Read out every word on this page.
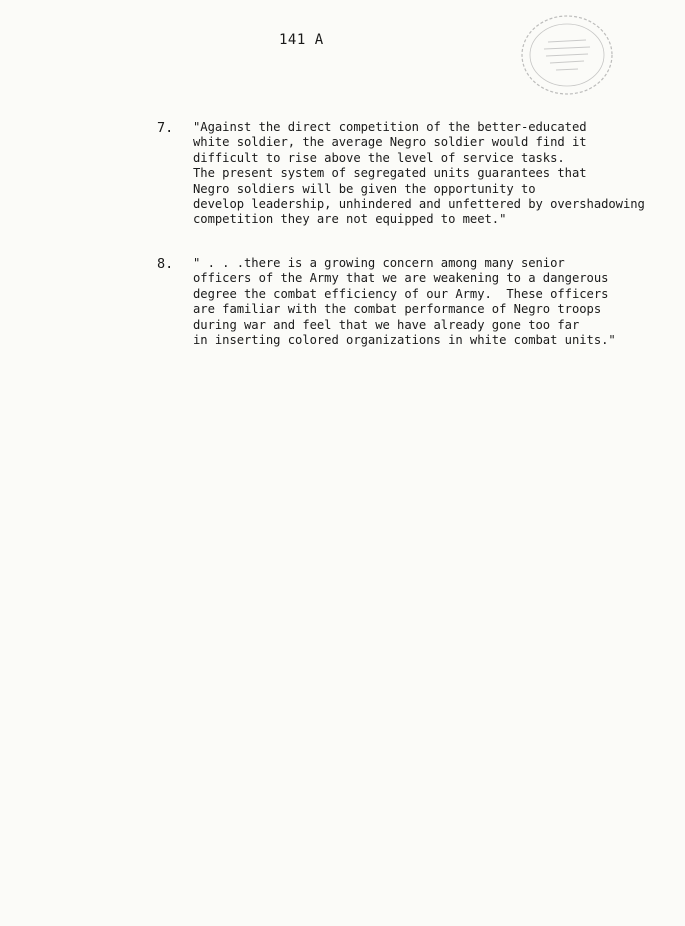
141 A
7. "Against the direct competition of the better-educated
white soldier, the average Negro soldier would find it
difficult to rise above the level of service tasks.
The present system of segregated units guarantees that
Negro soldiers will be given the opportunity to
develop leadership, unhindered and unfettered by overshadowing
competition they are not equipped to meet."
8. " . . .there is a growing concern among many senior
officers of the Army that we are weakening to a dangerous
degree the combat efficiency of our Army.  These officers
are familiar with the combat performance of Negro troops
during war and feel that we have already gone too far
in inserting colored organizations in white combat units."
